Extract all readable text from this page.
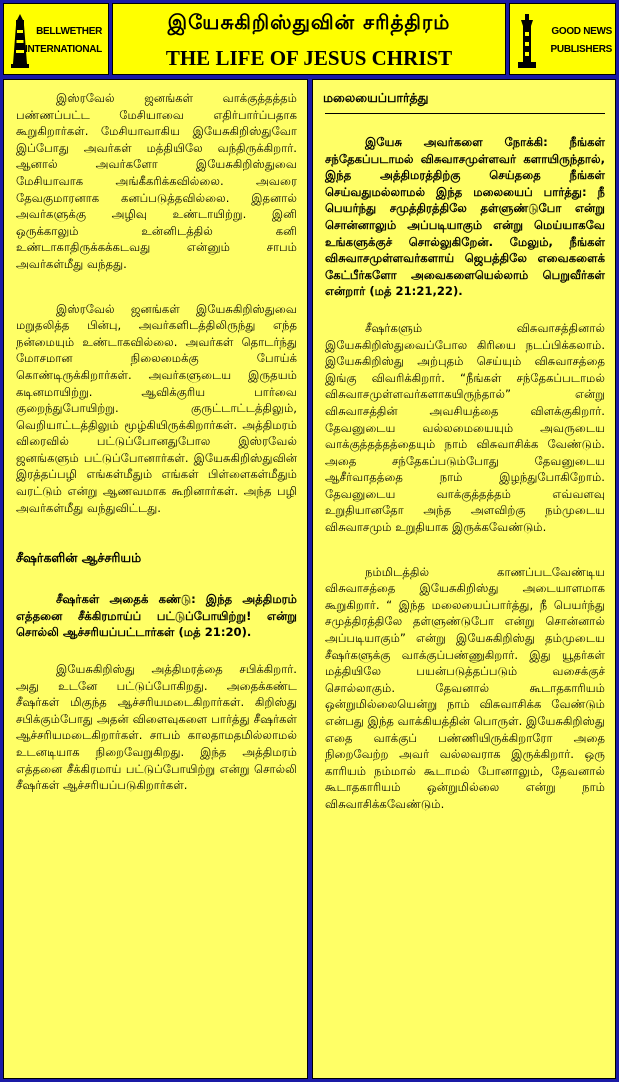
BELLWETHER
INTERNATIONAL
இயேசுகிறிஸ்துவின் சரித்திரம்
THE LIFE OF JESUS CHRIST
GOOD NEWS
PUBLISHERS

இஸ்ரவேல் ஜனங்கள் வாக்குத்தத்தம் பண்ணப்பட்ட மேசியாவை எதிர்பார்ப்பதாக கூறுகிறார்கள். மேசியாவாகிய இயேசுகிறிஸ்துவோ இப்போது அவர்கள் மத்தியிலே வந்திருக்கிறார். ஆனால் அவர்களோ இயேசுகிறிஸ்துவை மேசியாவாக அங்கீகரிக்கவில்லை. அவரை தேவகுமாரனாக கனப்படுத்தவில்லை. இதனால் அவர்களுக்கு அழிவு உண்டாயிற்று. இனி ஒருக்காலும் உன்னிடத்தில் கனி உண்டாகாதிருக்கக்கடவது என்னும் சாபம் அவர்கள்மீது வந்தது.

இஸ்ரவேல் ஜனங்கள் இயேசுகிறிஸ்துவை மறுதலித்த பின்பு, அவர்களிடத்திலிருந்து எந்த நன்மையும் உண்டாகவில்லை. அவர்கள் தொடர்ந்து மோசமான நிலைமைக்கு போய்க் கொண்டிருக்கிறார்கள். அவர்களுடைய இருதயம் கடினமாயிற்று. ஆவிக்குரிய பார்வை குறைந்துபோயிற்று. குருட்டாட்டத்திலும், வெறியாட்டத்திலும் மூழ்கியிருக்கிறார்கள். அத்திமரம் விரைவில் பட்டுப்போனதுபோல இஸ்ரவேல் ஜனங்களும் பட்டுப்போனார்கள். இயேசுகிறிஸ்துவின் இரத்தப்பழி எங்கள்மீதும் எங்கள் பிள்ளைகள்மீதும் வரட்டும் என்று ஆணவமாக கூறினார்கள். அந்த பழி அவர்கள்மீது வந்துவிட்டது.

சீஷர்களின் ஆச்சரியம்

சீஷர்கள் அதைக் கண்டு: இந்த அத்திமரம் எத்தனை சீக்கிரமாய்ப் பட்டுப்போயிற்று! என்று சொல்லி ஆச்சரியப்பட்டார்கள் (மத் 21:20).

இயேசுகிறிஸ்து அத்திமரத்தை சபிக்கிறார். அது உடனே பட்டுப்போகிறது. அதைக்கண்ட சீஷர்கள் மிகுந்த ஆச்சரியமடைகிறார்கள். கிறிஸ்து சபிக்கும்போது அதன் விளைவுகளை பார்த்து சீஷர்கள் ஆச்சரியமடைகிறார்கள். சாபம் காலதாமதமில்லாமல் உடனடியாக நிறைவேறுகிறது. இந்த அத்திமரம் எத்தனை சீக்கிரமாய் பட்டுப்போயிற்று என்று சொல்லி சீஷர்கள் ஆச்சரியப்படுகிறார்கள்.

மலையைப்பார்த்து

இயேசு அவர்களை நோக்கி: நீங்கள் சந்தேகப்படாமல் விசுவாசமுள்ளவர் களாயிருந்தால், இந்த அத்திமரத்திற்கு செய்ததை நீங்கள் செய்வதுமல்லாமல் இந்த மலையைப் பார்த்து: நீ பெயர்ந்து சமுத்திரத்திலே தள்ளுண்டுபோ என்று சொன்னாலும் அப்படியாகும் என்று மெய்யாகவே உங்களுக்குச் சொல்லுகிறேன். மேலும், நீங்கள் விசுவாசமுள்ளவர்களாய் ஜெபத்திலே எவைகளைக் கேட்பீர்களோ அவைகளையெல்லாம் பெறுவீர்கள் என்றார் (மத் 21:21,22).

சீஷர்களும் விசுவாசத்தினால் இயேசுகிறிஸ்துவைப்போல கிரியை நடப்பிக்கலாம். இயேசுகிறிஸ்து அற்புதம் செய்யும் விசுவாசத்தை இங்கு விவரிக்கிறார். “நீங்கள் சந்தேகப்படாமல் விசுவாசமுள்ளவர்களாகயிருந்தால்” என்று விசுவாசத்தின் அவசியத்தை விளக்குகிறார். தேவனுடைய வல்லமையையும் அவருடைய வாக்குத்தத்தத்தையும் நாம் விசுவாசிக்க வேண்டும். அதை சந்தேகப்படும்போது தேவனுடைய ஆசீர்வாதத்தை நாம் இழந்துபோகிறோம். தேவனுடைய வாக்குத்தத்தம் எவ்வளவு உறுதியானதோ அந்த அளவிற்கு நம்முடைய விசுவாசமும் உறுதியாக இருக்கவேண்டும்.

நம்மிடத்தில் காணப்படவேண்டிய விசுவாசத்தை இயேசுகிறிஸ்து அடையாளமாக கூறுகிறார். “ இந்த மலையைப்பார்த்து, நீ பெயர்ந்து சமுத்திரத்திலே தள்ளுண்டுபோ என்று சொன்னால் அப்படியாகும்” என்று இயேசுகிறிஸ்து தம்முடைய சீஷர்களுக்கு வாக்குப்பண்ணுகிறார். இது யூதர்கள் மத்தியிலே பயன்படுத்தப்படும் வசைக்குச் சொல்லாகும். தேவனால் கூடாதகாரியம் ஒன்றுமில்லையென்று நாம் விசுவாசிக்க வேண்டும் என்பது இந்த வாக்கியத்தின் பொருள். இயேசுகிறிஸ்து எதை வாக்குப் பண்ணியிருக்கிறாரோ அதை நிறைவேற்ற அவர் வல்லவராக இருக்கிறார். ஒரு காரியம் நம்மால் கூடாமல் போனாலும், தேவனால் கூடாதகாரியம் ஒன்றுமில்லை என்று நாம் விசுவாசிக்கவேண்டும்.
